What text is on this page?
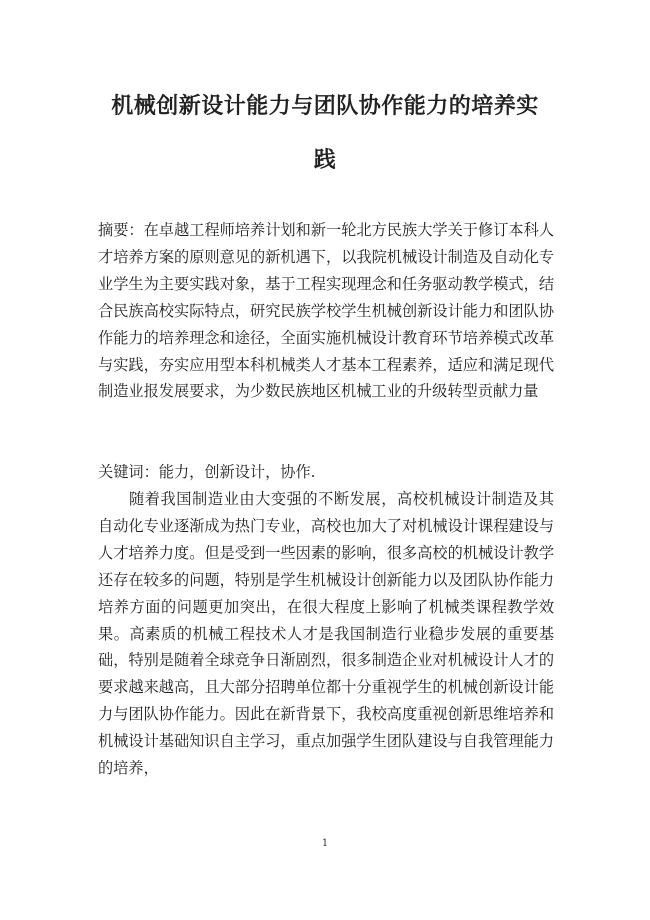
机械创新设计能力与团队协作能力的培养实
践
摘要：在卓越工程师培养计划和新一轮北方民族大学关于修订本科人才培养方案的原则意见的新机遇下，以我院机械设计制造及自动化专业学生为主要实践对象，基于工程实现理念和任务驱动教学模式，结合民族高校实际特点，研究民族学校学生机械创新设计能力和团队协作能力的培养理念和途径，全面实施机械设计教育环节培养模式改革与实践，夯实应用型本科机械类人才基本工程素养，适应和满足现代制造业报发展要求，为少数民族地区机械工业的升级转型贡献力量
关键词：能力，创新设计，协作.
随着我国制造业由大变强的不断发展，高校机械设计制造及其自动化专业逐渐成为热门专业，高校也加大了对机械设计课程建设与人才培养力度。但是受到一些因素的影响，很多高校的机械设计教学还存在较多的问题，特别是学生机械设计创新能力以及团队协作能力培养方面的问题更加突出，在很大程度上影响了机械类课程教学效果。高素质的机械工程技术人才是我国制造行业稳步发展的重要基础，特别是随着全球竞争日渐剧烈，很多制造企业对机械设计人才的要求越来越高，且大部分招聘单位都十分重视学生的机械创新设计能力与团队协作能力。因此在新背景下，我校高度重视创新思维培养和机械设计基础知识自主学习，重点加强学生团队建设与自我管理能力的培养，
1
